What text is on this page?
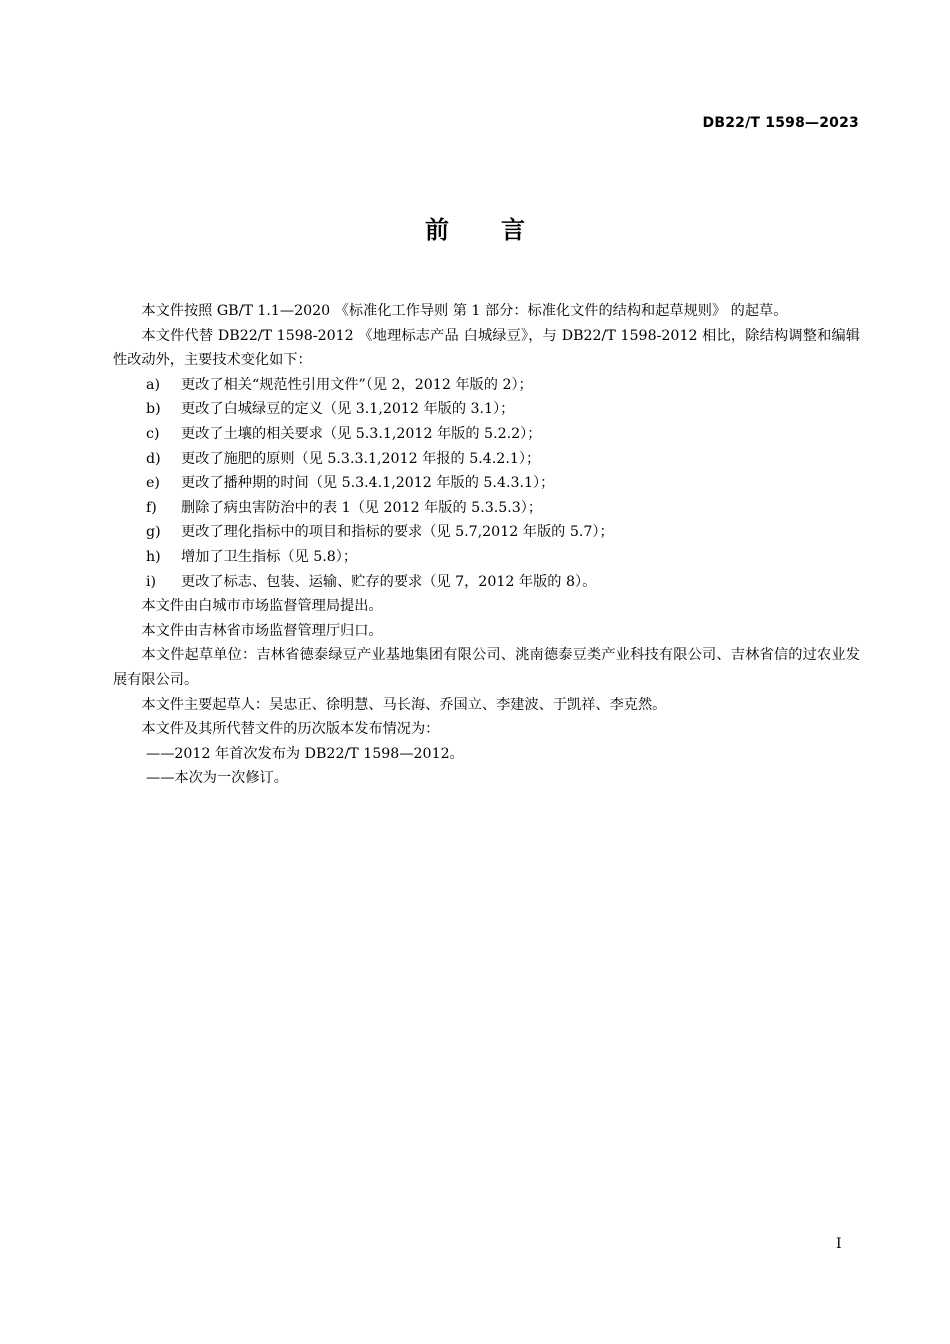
DB22/T 1598—2023
前言

本文件按照 GB/T 1.1—2020 《标准化工作导则 第 1 部分：标准化文件的结构和起草规则》 的起草。

本文件代替 DB22/T 1598-2012 《地理标志产品 白城绿豆》，与 DB22/T 1598-2012 相比，除结构调整和编辑性改动外，主要技术变化如下：

a)	更改了相关“规范性引用文件”（见 2，2012 年版的 2）；

b)	更改了白城绿豆的定义（见 3.1,2012 年版的 3.1）；

c)	更改了土壤的相关要求（见 5.3.1,2012 年版的 5.2.2）；

d)	更改了施肥的原则（见 5.3.3.1,2012 年报的 5.4.2.1）；

e)	更改了播种期的时间（见 5.3.4.1,2012 年版的 5.4.3.1）；

f)	删除了病虫害防治中的表 1（见 2012 年版的 5.3.5.3）；

g)	更改了理化指标中的项目和指标的要求（见 5.7,2012 年版的 5.7）；

h)	增加了卫生指标（见 5.8）；

i)	更改了标志、包装、运输、贮存的要求（见 7，2012 年版的 8）。

本文件由白城市市场监督管理局提出。

本文件由吉林省市场监督管理厅归口。

本文件起草单位：吉林省德泰绿豆产业基地集团有限公司、洮南德泰豆类产业科技有限公司、吉林省信的过农业发展有限公司。

本文件主要起草人：吴忠正、徐明慧、马长海、乔国立、李建波、于凯祥、李克然。

本文件及其所代替文件的历次版本发布情况为：

——2012 年首次发布为 DB22/T 1598—2012。

——本次为一次修订。

I
